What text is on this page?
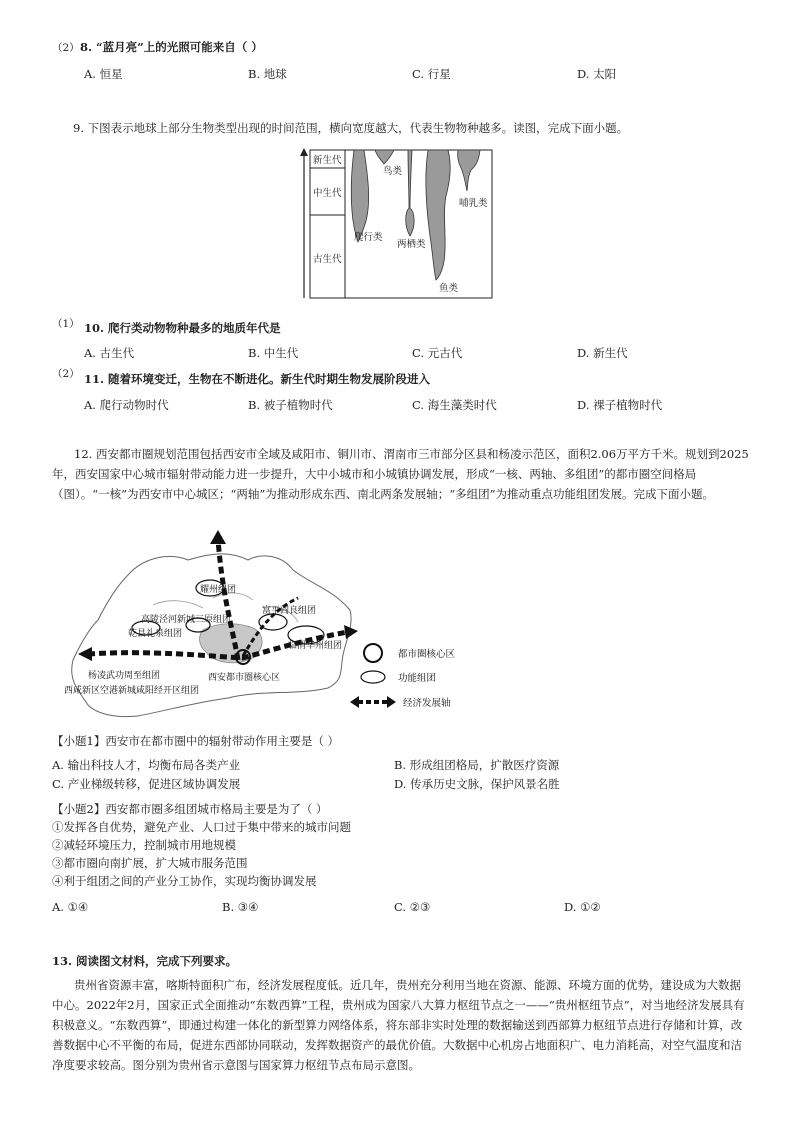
（2） 8. “蓝月亮”上的光照可能来自（ ）
A. 恒星	B. 地球	C. 行星	D. 太阳
9. 下图表示地球上部分生物类型出现的时间范围，横向宽度越大，代表生物物种越多。读图，完成下面小题。
新生代
中生代
古生代
鸟类
爬行类
两栖类
哺乳类
鱼类
（1） 10. 爬行类动物物种最多的地质年代是
A. 古生代	B. 中生代	C. 元古代	D. 新生代
（2） 11. 随着环境变迁，生物在不断进化。新生代时期生物发展阶段进入
A. 爬行动物时代	B. 被子植物时代	C. 海生藻类时代	D. 裸子植物时代
12. 西安都市圈规划范围包括西安市全域及咸阳市、铜川市、渭南市三市部分区县和杨凌示范区，面积2.06万平方千米。规划到2025年，西安国家中心城市辐射带动能力进一步提升，大中小城市和小城镇协调发展，形成“一核、两轴、多组团”的都市圈空间格局（图）。“一核”为西安市中心城区；“两轴”为推动形成东西、南北两条发展轴；“多组团”为推动重点功能组团发展。完成下面小题。
耀州组团
富平阎良组团
高陵泾河新城三原组团
乾县礼泉组团
临渭华州组团
杨凌武功周至组团	西安都市圈核心区
西咸新区空港新城咸阳经开区组团
都市圈核心区
功能组团
经济发展轴
【小题1】西安市在都市圈中的辐射带动作用主要是（ ）
A. 输出科技人才，均衡布局各类产业	B. 形成组团格局，扩散医疗资源
C. 产业梯级转移，促进区域协调发展	D. 传承历史文脉，保护风景名胜
【小题2】西安都市圈多组团城市格局主要是为了（ ）
①发挥各自优势，避免产业、人口过于集中带来的城市问题
②减轻环境压力，控制城市用地规模
③都市圈向南扩展，扩大城市服务范围
④利于组团之间的产业分工协作，实现均衡协调发展
A. ①④	B. ③④	C. ②③	D. ①②
13. 阅读图文材料，完成下列要求。
贵州省资源丰富，喀斯特面积广布，经济发展程度低。近几年，贵州充分利用当地在资源、能源、环境方面的优势，建设成为大数据中心。2022年2月，国家正式全面推动“东数西算”工程，贵州成为国家八大算力枢纽节点之一——“贵州枢纽节点”，对当地经济发展具有积极意义。“东数西算”，即通过构建一体化的新型算力网络体系，将东部非实时处理的数据输送到西部算力枢纽节点进行存储和计算，改善数据中心不平衡的布局，促进东西部协同联动，发挥数据资产的最优价值。大数据中心机房占地面积广、电力消耗高，对空气温度和洁净度要求较高。图分别为贵州省示意图与国家算力枢纽节点布局示意图。
